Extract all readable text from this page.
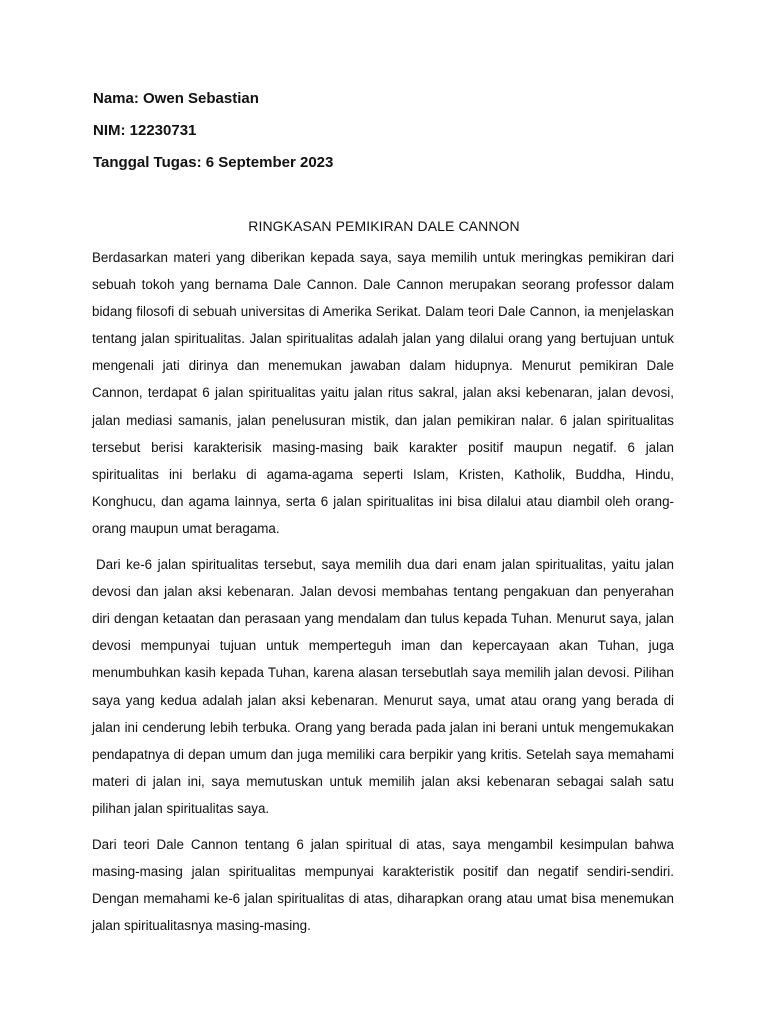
Nama: Owen Sebastian

NIM: 12230731

Tanggal Tugas: 6 September 2023

RINGKASAN PEMIKIRAN DALE CANNON

Berdasarkan materi yang diberikan kepada saya, saya memilih untuk meringkas pemikiran dari sebuah tokoh yang bernama Dale Cannon. Dale Cannon merupakan seorang professor dalam bidang filosofi di sebuah universitas di Amerika Serikat. Dalam teori Dale Cannon, ia menjelaskan tentang jalan spiritualitas. Jalan spiritualitas adalah jalan yang dilalui orang yang bertujuan untuk mengenali jati dirinya dan menemukan jawaban dalam hidupnya. Menurut pemikiran Dale Cannon, terdapat 6 jalan spiritualitas yaitu jalan ritus sakral, jalan aksi kebenaran, jalan devosi, jalan mediasi samanis, jalan penelusuran mistik, dan jalan pemikiran nalar. 6 jalan spiritualitas tersebut berisi karakterisik masing-masing baik karakter positif maupun negatif. 6 jalan spiritualitas ini berlaku di agama-agama seperti Islam, Kristen, Katholik, Buddha, Hindu, Konghucu, dan agama lainnya, serta 6 jalan spiritualitas ini bisa dilalui atau diambil oleh orang-orang maupun umat beragama.

Dari ke-6 jalan spiritualitas tersebut, saya memilih dua dari enam jalan spiritualitas, yaitu jalan devosi dan jalan aksi kebenaran. Jalan devosi membahas tentang pengakuan dan penyerahan diri dengan ketaatan dan perasaan yang mendalam dan tulus kepada Tuhan. Menurut saya, jalan devosi mempunyai tujuan untuk memperteguh iman dan kepercayaan akan Tuhan, juga menumbuhkan kasih kepada Tuhan, karena alasan tersebutlah saya memilih jalan devosi. Pilihan saya yang kedua adalah jalan aksi kebenaran. Menurut saya, umat atau orang yang berada di jalan ini cenderung lebih terbuka. Orang yang berada pada jalan ini berani untuk mengemukakan pendapatnya di depan umum dan juga memiliki cara berpikir yang kritis. Setelah saya memahami materi di jalan ini, saya memutuskan untuk memilih jalan aksi kebenaran sebagai salah satu pilihan jalan spiritualitas saya.

Dari teori Dale Cannon tentang 6 jalan spiritual di atas, saya mengambil kesimpulan bahwa masing-masing jalan spiritualitas mempunyai karakteristik positif dan negatif sendiri-sendiri. Dengan memahami ke-6 jalan spiritualitas di atas, diharapkan orang atau umat bisa menemukan jalan spiritualitasnya masing-masing.
